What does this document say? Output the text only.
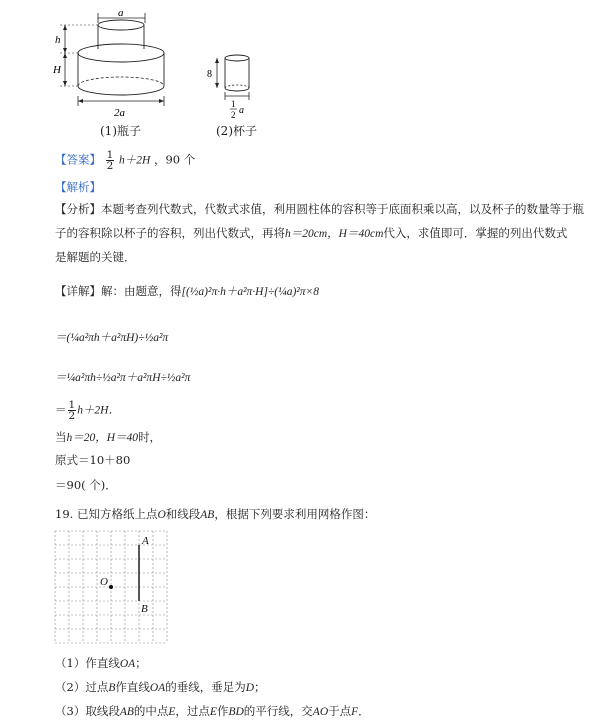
a
h
H
2a
(1)瓶子
8
1
2 a
(2)杯子
【答案】 $\frac{1}{2} h+2H$ ，90 个
【解析】
【分析】本题考查列代数式，代数式求值，利用圆柱体的容积等于底面积乘以高，以及杯子的数量等于瓶
子的容积除以杯子的容积，列出代数式，再将h＝20cm，H＝40cm代入，求值即可．掌握的列出代数式
是解题的关键．
【详解】解：由题意，得[(½a)²π·h＋a²π·H]÷(¼a)²π×8
＝(¼a²πh＋a²πH)÷½a²π
＝¼a²πh÷½a²π＋a²πH÷½a²π
＝ $\frac{1}{2} h+2H$．
当h＝20，H＝40时，
原式＝10＋80
＝90( 个)．
19. 已知方格纸上点O和线段AB，根据下列要求利用网格作图：
O
A
B
（1）作直线OA；
（2）过点B作直线OA的垂线，垂足为D；
（3）取线段AB的中点E，过点E作BD的平行线，交AO于点F．
